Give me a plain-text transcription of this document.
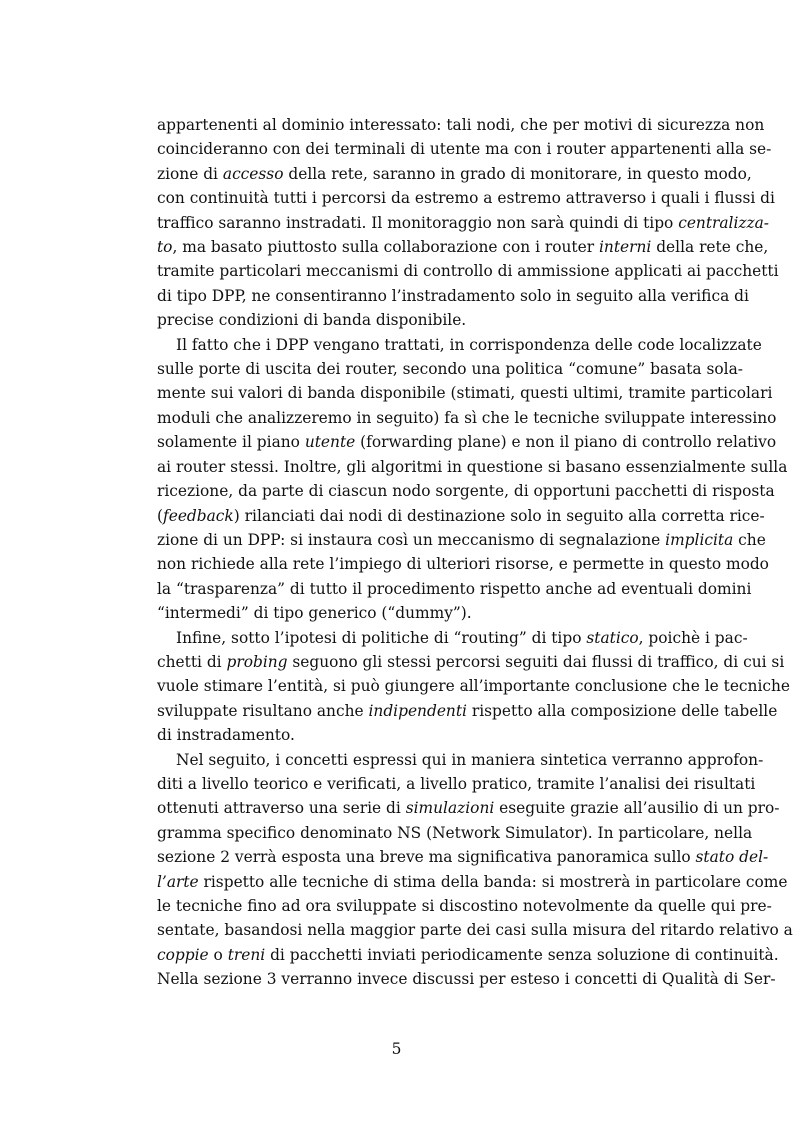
appartenenti al dominio interessato: tali nodi, che per motivi di sicurezza non
coincideranno con dei terminali di utente ma con i router appartenenti alla se-
zione di accesso della rete, saranno in grado di monitorare, in questo modo,
con continuità tutti i percorsi da estremo a estremo attraverso i quali i flussi di
traffico saranno instradati. Il monitoraggio non sarà quindi di tipo centralizza-
to, ma basato piuttosto sulla collaborazione con i router interni della rete che,
tramite particolari meccanismi di controllo di ammissione applicati ai pacchetti
di tipo DPP, ne consentiranno l’instradamento solo in seguito alla verifica di
precise condizioni di banda disponibile.
Il fatto che i DPP vengano trattati, in corrispondenza delle code localizzate
sulle porte di uscita dei router, secondo una politica “comune” basata sola-
mente sui valori di banda disponibile (stimati, questi ultimi, tramite particolari
moduli che analizzeremo in seguito) fa sì che le tecniche sviluppate interessino
solamente il piano utente (forwarding plane) e non il piano di controllo relativo
ai router stessi. Inoltre, gli algoritmi in questione si basano essenzialmente sulla
ricezione, da parte di ciascun nodo sorgente, di opportuni pacchetti di risposta
(feedback) rilanciati dai nodi di destinazione solo in seguito alla corretta rice-
zione di un DPP: si instaura così un meccanismo di segnalazione implicita che
non richiede alla rete l’impiego di ulteriori risorse, e permette in questo modo
la “trasparenza” di tutto il procedimento rispetto anche ad eventuali domini
“intermedi” di tipo generico (“dummy”).
Infine, sotto l’ipotesi di politiche di “routing” di tipo statico, poichè i pac-
chetti di probing seguono gli stessi percorsi seguiti dai flussi di traffico, di cui si
vuole stimare l’entità, si può giungere all’importante conclusione che le tecniche
sviluppate risultano anche indipendenti rispetto alla composizione delle tabelle
di instradamento.
Nel seguito, i concetti espressi qui in maniera sintetica verranno approfon-
diti a livello teorico e verificati, a livello pratico, tramite l’analisi dei risultati
ottenuti attraverso una serie di simulazioni eseguite grazie all’ausilio di un pro-
gramma specifico denominato NS (Network Simulator). In particolare, nella
sezione 2 verrà esposta una breve ma significativa panoramica sullo stato del-
l’arte rispetto alle tecniche di stima della banda: si mostrerà in particolare come
le tecniche fino ad ora sviluppate si discostino notevolmente da quelle qui pre-
sentate, basandosi nella maggior parte dei casi sulla misura del ritardo relativo a
coppie o treni di pacchetti inviati periodicamente senza soluzione di continuità.
Nella sezione 3 verranno invece discussi per esteso i concetti di Qualità di Ser-
5
